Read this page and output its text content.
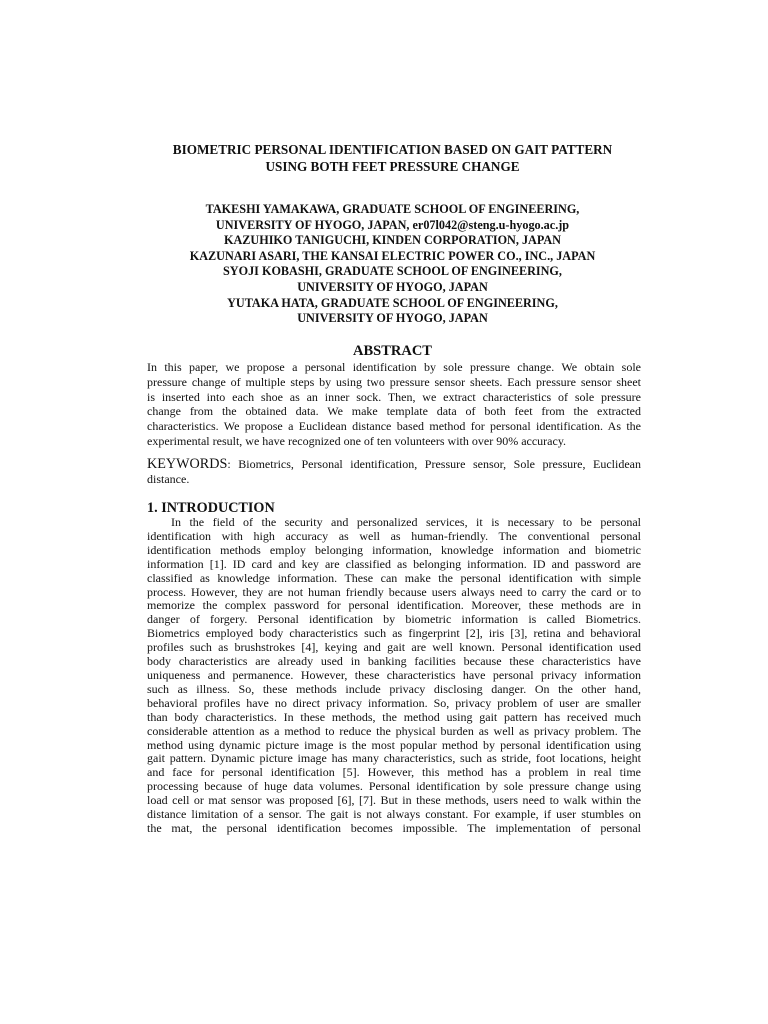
BIOMETRIC PERSONAL IDENTIFICATION BASED ON GAIT PATTERN
USING BOTH FEET PRESSURE CHANGE
TAKESHI YAMAKAWA, GRADUATE SCHOOL OF ENGINEERING,
UNIVERSITY OF HYOGO, JAPAN, er07l042@steng.u-hyogo.ac.jp
KAZUHIKO TANIGUCHI, KINDEN CORPORATION, JAPAN
KAZUNARI ASARI, THE KANSAI ELECTRIC POWER CO., INC., JAPAN
SYOJI KOBASHI, GRADUATE SCHOOL OF ENGINEERING,
UNIVERSITY OF HYOGO, JAPAN
YUTAKA HATA, GRADUATE SCHOOL OF ENGINEERING,
UNIVERSITY OF HYOGO, JAPAN
ABSTRACT
In this paper, we propose a personal identification by sole pressure change. We obtain sole
pressure change of multiple steps by using two pressure sensor sheets. Each pressure sensor sheet
is inserted into each shoe as an inner sock. Then, we extract characteristics of sole pressure
change from the obtained data. We make template data of both feet from the extracted
characteristics. We propose a Euclidean distance based method for personal identification. As the
experimental result, we have recognized one of ten volunteers with over 90% accuracy.
KEYWORDS: Biometrics, Personal identification, Pressure sensor, Sole pressure, Euclidean
distance.
1. INTRODUCTION
In the field of the security and personalized services, it is necessary to be personal
identification with high accuracy as well as human-friendly. The conventional personal
identification methods employ belonging information, knowledge information and biometric
information [1]. ID card and key are classified as belonging information. ID and password are
classified as knowledge information. These can make the personal identification with simple
process. However, they are not human friendly because users always need to carry the card or to
memorize the complex password for personal identification. Moreover, these methods are in
danger of forgery. Personal identification by biometric information is called Biometrics.
Biometrics employed body characteristics such as fingerprint [2], iris [3], retina and behavioral
profiles such as brushstrokes [4], keying and gait are well known. Personal identification used
body characteristics are already used in banking facilities because these characteristics have
uniqueness and permanence. However, these characteristics have personal privacy information
such as illness. So, these methods include privacy disclosing danger. On the other hand,
behavioral profiles have no direct privacy information. So, privacy problem of user are smaller
than body characteristics. In these methods, the method using gait pattern has received much
considerable attention as a method to reduce the physical burden as well as privacy problem. The
method using dynamic picture image is the most popular method by personal identification using
gait pattern. Dynamic picture image has many characteristics, such as stride, foot locations, height
and face for personal identification [5]. However, this method has a problem in real time
processing because of huge data volumes. Personal identification by sole pressure change using
load cell or mat sensor was proposed [6], [7]. But in these methods, users need to walk within the
distance limitation of a sensor. The gait is not always constant. For example, if user stumbles on
the mat, the personal identification becomes impossible. The implementation of personal
